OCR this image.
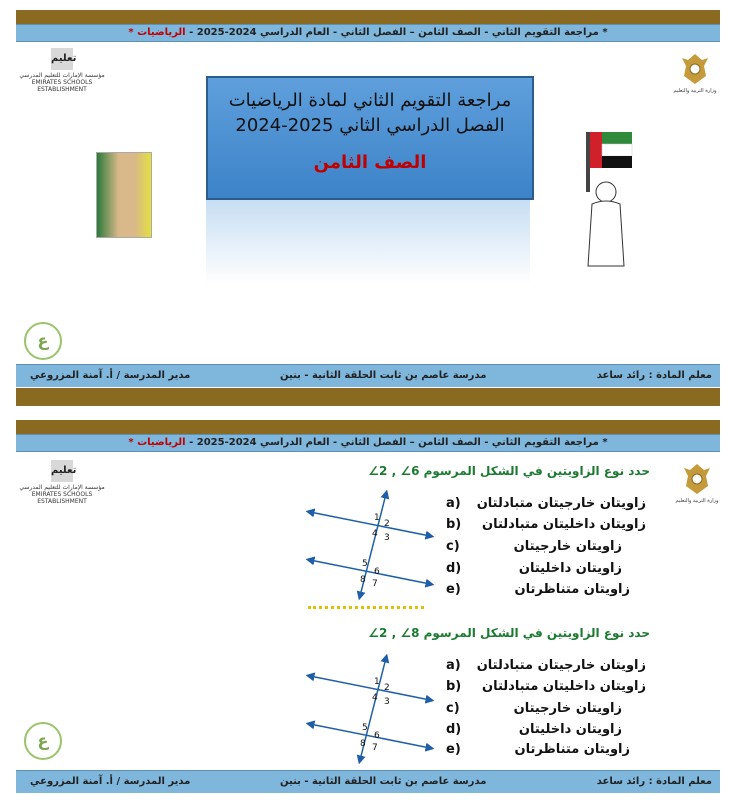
* مراجعة التقويم الثاني - الصف الثامن – الفصل الثاني - العام الدراسي 2024-2025 - الرياضيات *
تعليم
مؤسسة الإمارات للتعليم المدرسي
EMIRATES SCHOOLS ESTABLISHMENT	وزارة التربية والتعليم
مراجعة التقويم الثاني لمادة الرياضيات
الفصل الدراسي الثاني 2025-2024
الصف الثامن
ع
معلم المادة : رائد ساعد
مدرسة عاصم بن ثابت الحلقة الثانية - بنين
مدير المدرسة / أ. آمنة المزروعي
* مراجعة التقويم الثاني - الصف الثامن – الفصل الثاني - العام الدراسي 2024-2025 - الرياضيات *
تعليم
مؤسسة الإمارات للتعليم المدرسي
EMIRATES SCHOOLS ESTABLISHMENT	وزارة التربية والتعليم
حدد نوع الزاويتين في الشكل المرسوم 6∠ , 2∠
1
2
3
4
5
6
7
8
a) زاويتان خارجيتان متبادلتان
b) زاويتان داخليتان متبادلتان
c)	زاويتان خارجيتان
d)	زاويتان داخليتان
e)	زاويتان متناظرتان
حدد نوع الزاويتين في الشكل المرسوم 8∠ , 2∠
1
2
3
4
5
6
7
8
a) زاويتان خارجيتان متبادلتان
b) زاويتان داخليتان متبادلتان
c)	زاويتان خارجيتان
d)	زاويتان داخليتان
e)	زاويتان متناظرتان
ع
معلم المادة : رائد ساعد
مدرسة عاصم بن ثابت الحلقة الثانية - بنين
مدير المدرسة / أ. آمنة المزروعي
